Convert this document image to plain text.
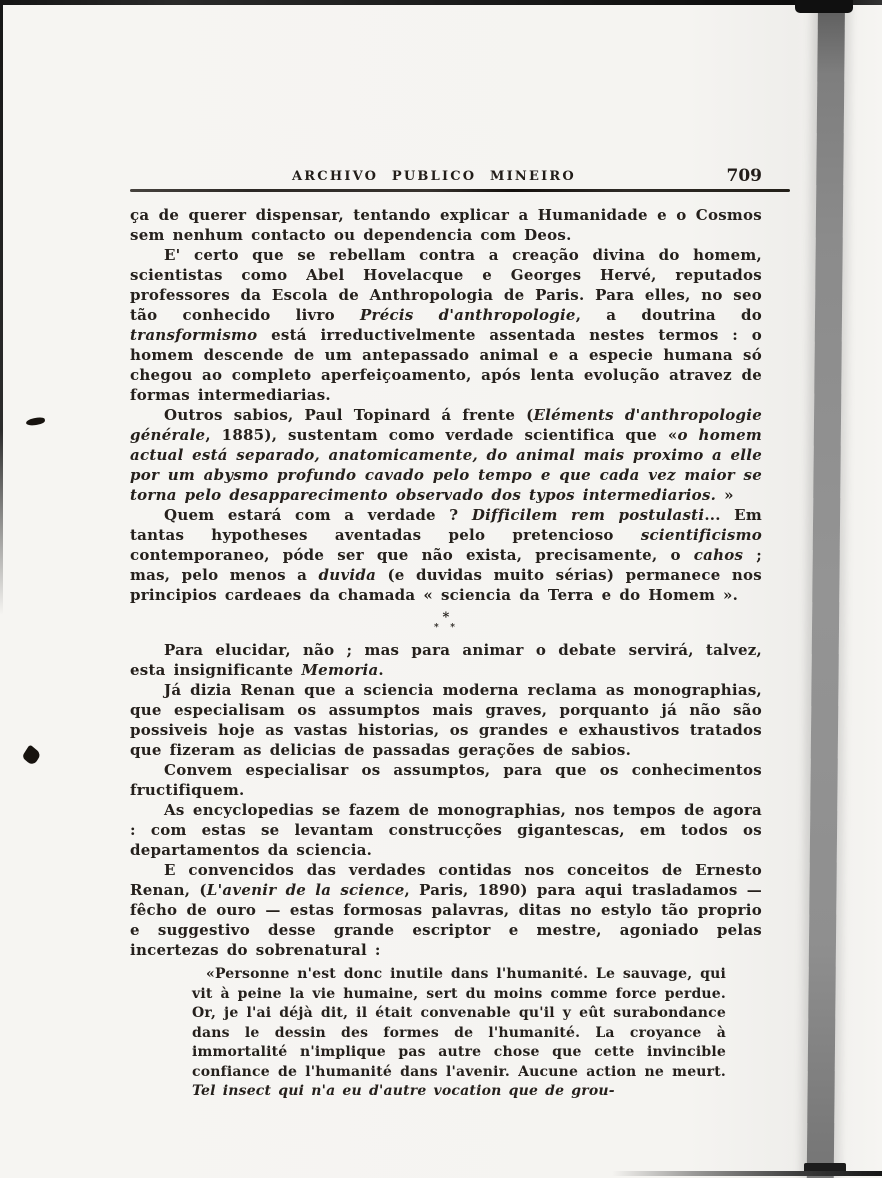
ARCHIVO PUBLICO MINEIRO	709

ça de querer dispensar, tentando explicar a Humanidade e o Cosmos sem nenhum contacto ou dependencia com Deos.

E' certo que se rebellam contra a creação divina do homem, scientistas como Abel Hovelacque e Georges Hervé, reputados professores da Escola de Anthropologia de Paris. Para elles, no seo tão conhecido livro Précis d'anthropologie, a doutrina do transformismo está irreductivelmente assentada nestes termos : o homem descende de um antepassado animal e a especie humana só chegou ao completo aperfeiçoamento, após lenta evolução atravez de formas intermediarias.

Outros sabios, Paul Topinard á frente (Eléments d'anthropologie générale, 1885), sustentam como verdade scientifica que «o homem actual está separado, anatomicamente, do animal mais proximo a elle por um abysmo profundo cavado pelo tempo e que cada vez maior se torna pelo desapparecimento observado dos typos intermediarios. »

Quem estará com a verdade ? Difficilem rem postulasti... Em tantas hypotheses aventadas pelo pretencioso scientificismo contemporaneo, póde ser que não exista, precisamente, o cahos ; mas, pelo menos a duvida (e duvidas muito sérias) permanece nos principios cardeaes da chamada « sciencia da Terra e do Homem ».

*
* *

Para elucidar, não ; mas para animar o debate servirá, talvez, esta insignificante Memoria.

Já dizia Renan que a sciencia moderna reclama as monographias, que especialisam os assumptos mais graves, porquanto já não são possiveis hoje as vastas historias, os grandes e exhaustivos tratados que fizeram as delicias de passadas gerações de sabios.

Convem especialisar os assumptos, para que os conhecimentos fructifiquem.

As encyclopedias se fazem de monographias, nos tempos de agora : com estas se levantam construcções gigantescas, em todos os departamentos da sciencia.

E convencidos das verdades contidas nos conceitos de Ernesto Renan, (L'avenir de la science, Paris, 1890) para aqui trasladamos — fêcho de ouro — estas formosas palavras, ditas no estylo tão proprio e suggestivo desse grande escriptor e mestre, agoniado pelas incertezas do sobrenatural :

«Personne n'est donc inutile dans l'humanité. Le sauvage, qui vit à peine la vie humaine, sert du moins comme force perdue. Or, je l'ai déjà dit, il était convenable qu'il y eût surabondance dans le dessin des formes de l'humanité. La croyance à immortalité n'implique pas autre chose que cette invincible confiance de l'humanité dans l'avenir. Aucune action ne meurt. Tel insect qui n'a eu d'autre vocation que de grou-
